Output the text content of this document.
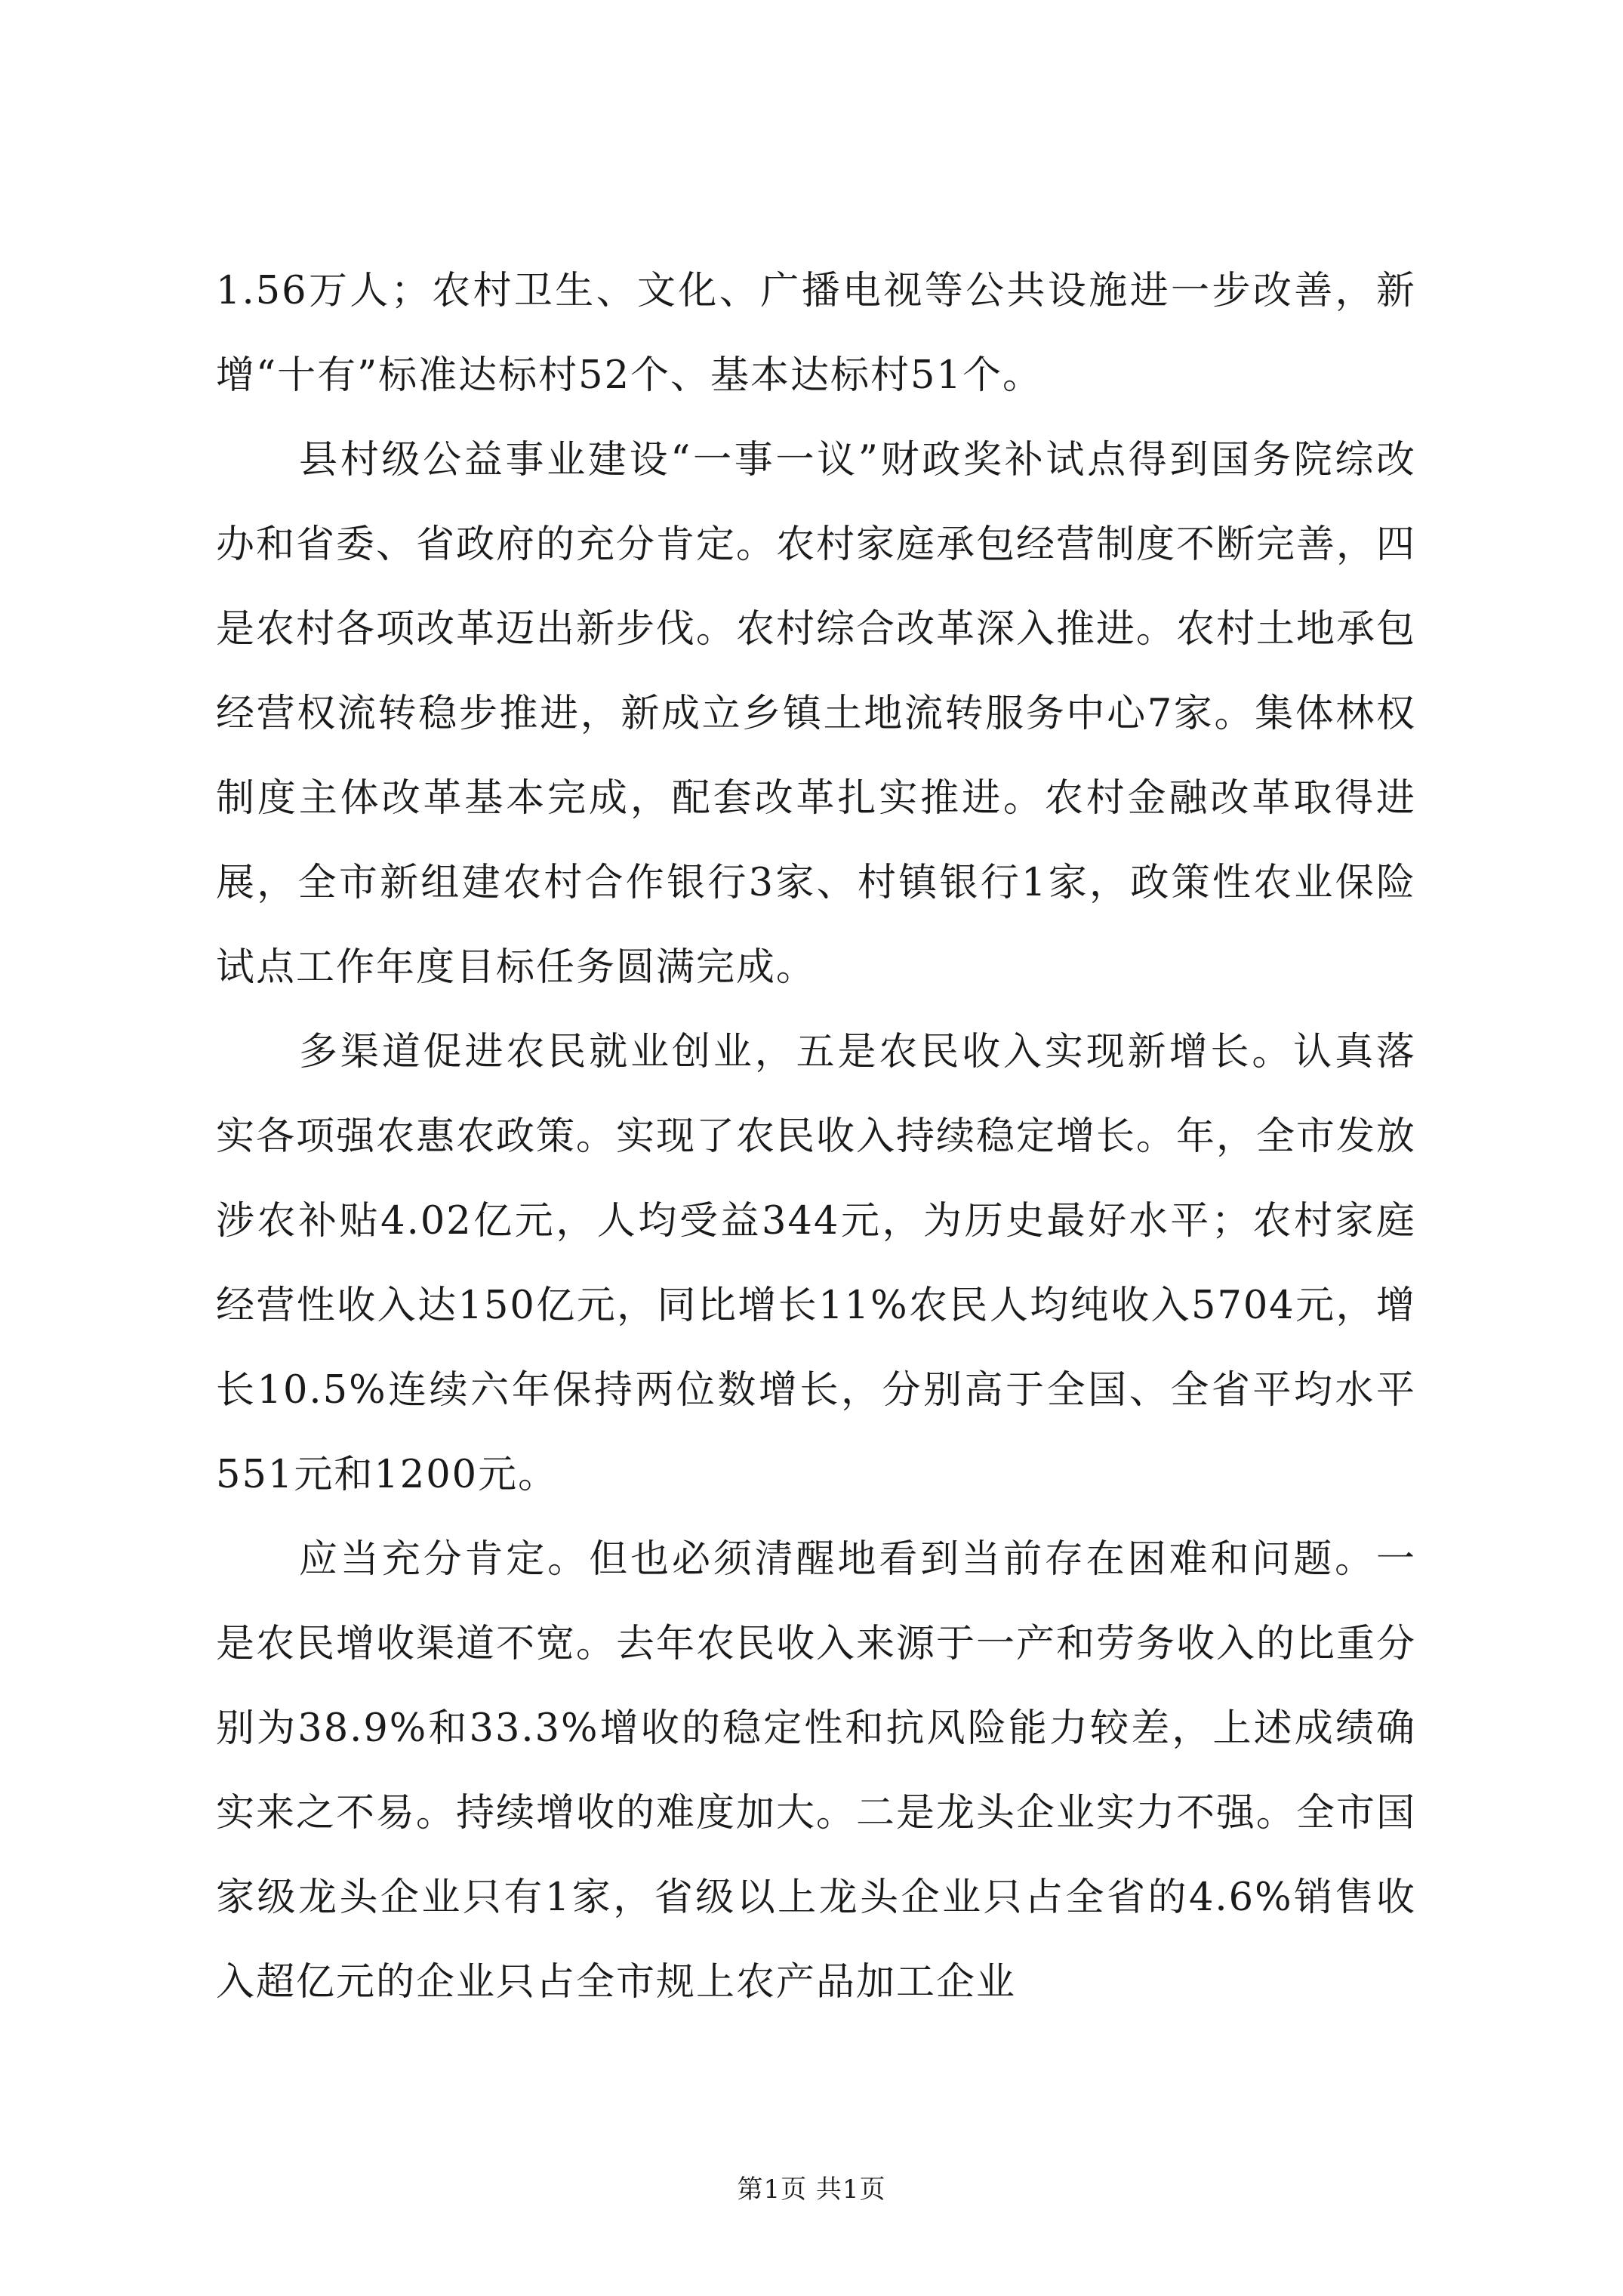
1.56万人；农村卫生、文化、广播电视等公共设施进一步改善，新增“十有”标准达标村52个、基本达标村51个。

县村级公益事业建设“一事一议”财政奖补试点得到国务院综改办和省委、省政府的充分肯定。农村家庭承包经营制度不断完善，四是农村各项改革迈出新步伐。农村综合改革深入推进。农村土地承包经营权流转稳步推进，新成立乡镇土地流转服务中心7家。集体林权制度主体改革基本完成，配套改革扎实推进。农村金融改革取得进展，全市新组建农村合作银行3家、村镇银行1家，政策性农业保险试点工作年度目标任务圆满完成。

多渠道促进农民就业创业，五是农民收入实现新增长。认真落实各项强农惠农政策。实现了农民收入持续稳定增长。年，全市发放涉农补贴4.02亿元，人均受益344元，为历史最好水平；农村家庭经营性收入达150亿元，同比增长11%农民人均纯收入5704元，增长10.5%连续六年保持两位数增长，分别高于全国、全省平均水平551元和1200元。

应当充分肯定。但也必须清醒地看到当前存在困难和问题。一是农民增收渠道不宽。去年农民收入来源于一产和劳务收入的比重分别为38.9%和33.3%增收的稳定性和抗风险能力较差，上述成绩确实来之不易。持续增收的难度加大。二是龙头企业实力不强。全市国家级龙头企业只有1家，省级以上龙头企业只占全省的4.6%销售收入超亿元的企业只占全市规上农产品加工企业

第1页 共1页
